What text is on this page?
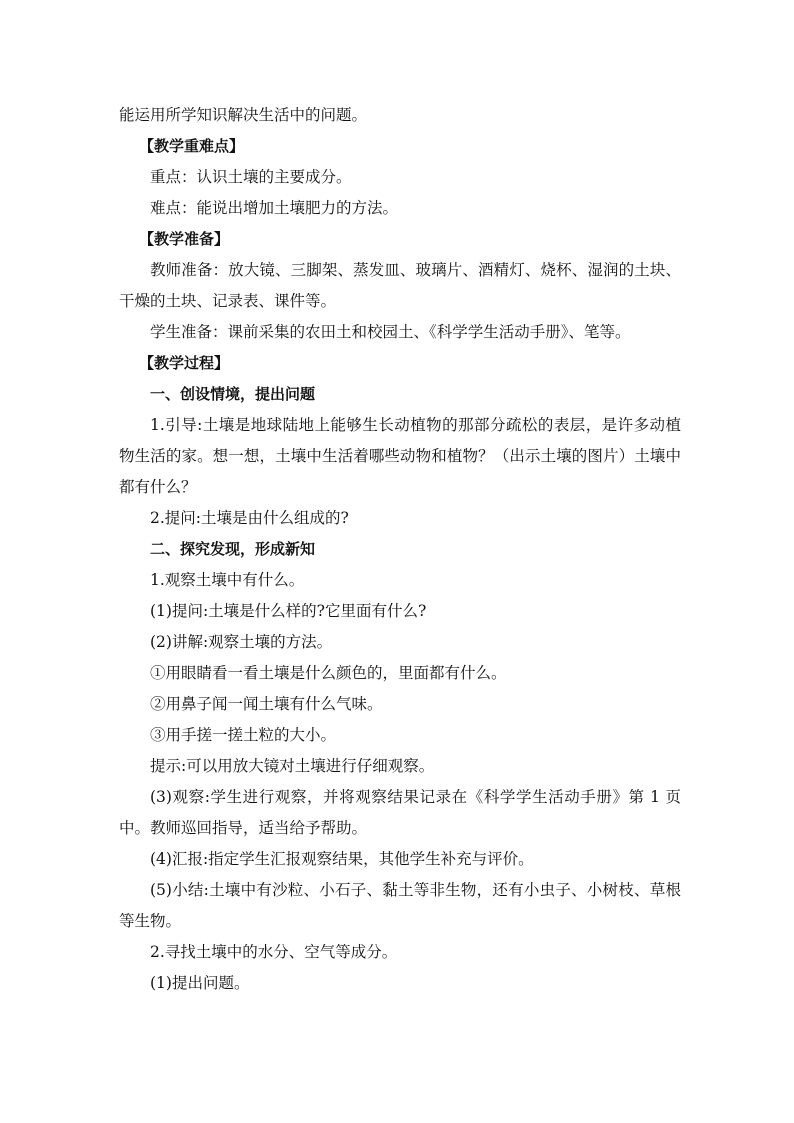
能运用所学知识解决生活中的问题。

【教学重难点】

重点：认识土壤的主要成分。

难点：能说出增加土壤肥力的方法。

【教学准备】

教师准备：放大镜、三脚架、蒸发皿、玻璃片、酒精灯、烧杯、湿润的土块、干燥的土块、记录表、课件等。

学生准备：课前采集的农田土和校园土、《科学学生活动手册》、笔等。

【教学过程】

一、创设情境，提出问题

1.引导:土壤是地球陆地上能够生长动植物的那部分疏松的表层，是许多动植物生活的家。想一想，土壤中生活着哪些动物和植物？（出示土壤的图片）土壤中都有什么？

2.提问:土壤是由什么组成的?

二、探究发现，形成新知

1.观察土壤中有什么。

(1)提问:土壤是什么样的?它里面有什么?

(2)讲解:观察土壤的方法。

①用眼睛看一看土壤是什么颜色的，里面都有什么。

②用鼻子闻一闻土壤有什么气味。

③用手搓一搓土粒的大小。

提示:可以用放大镜对土壤进行仔细观察。

(3)观察:学生进行观察，并将观察结果记录在《科学学生活动手册》第 1 页中。教师巡回指导，适当给予帮助。

(4)汇报:指定学生汇报观察结果，其他学生补充与评价。

(5)小结:土壤中有沙粒、小石子、黏土等非生物，还有小虫子、小树枝、草根等生物。

2.寻找土壤中的水分、空气等成分。

(1)提出问题。
